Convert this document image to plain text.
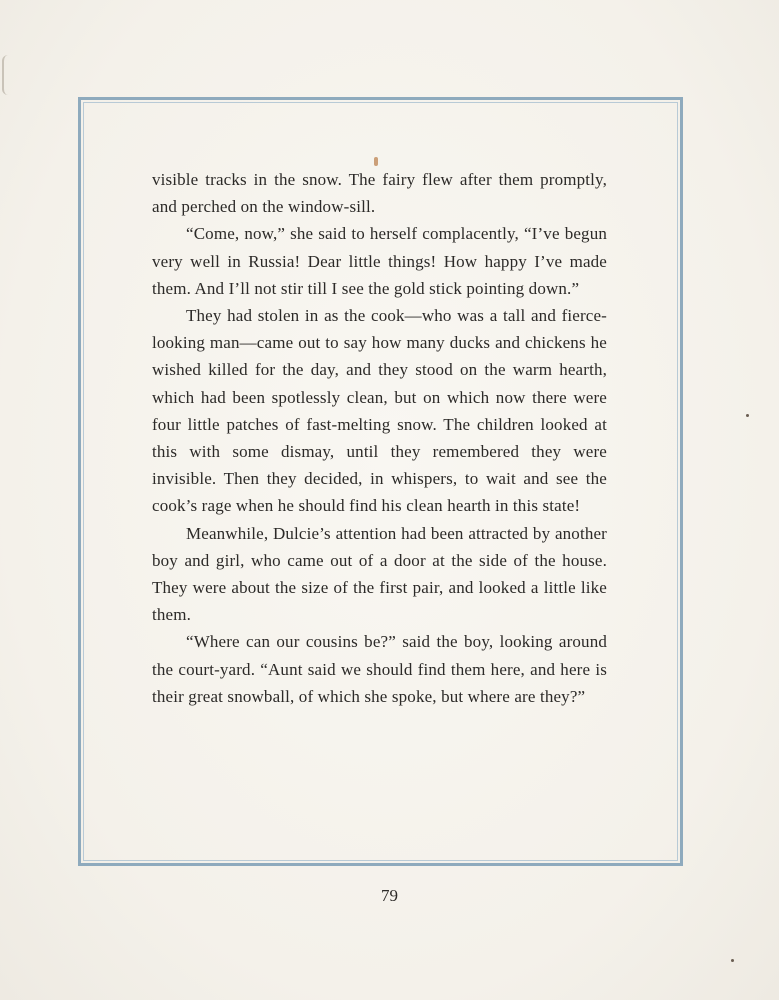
visible tracks in the snow. The fairy flew after them promptly, and perched on the window-sill.

“Come, now,” she said to herself complacently, “I’ve begun very well in Russia! Dear little things! How happy I’ve made them. And I’ll not stir till I see the gold stick pointing down.”

They had stolen in as the cook—who was a tall and fierce-looking man—came out to say how many ducks and chickens he wished killed for the day, and they stood on the warm hearth, which had been spotlessly clean, but on which now there were four little patches of fast-melting snow. The children looked at this with some dismay, until they remembered they were invisible. Then they decided, in whispers, to wait and see the cook’s rage when he should find his clean hearth in this state!

Meanwhile, Dulcie’s attention had been attracted by another boy and girl, who came out of a door at the side of the house. They were about the size of the first pair, and looked a little like them.

“Where can our cousins be?” said the boy, looking around the court-yard. “Aunt said we should find them here, and here is their great snowball, of which she spoke, but where are they?”

79
